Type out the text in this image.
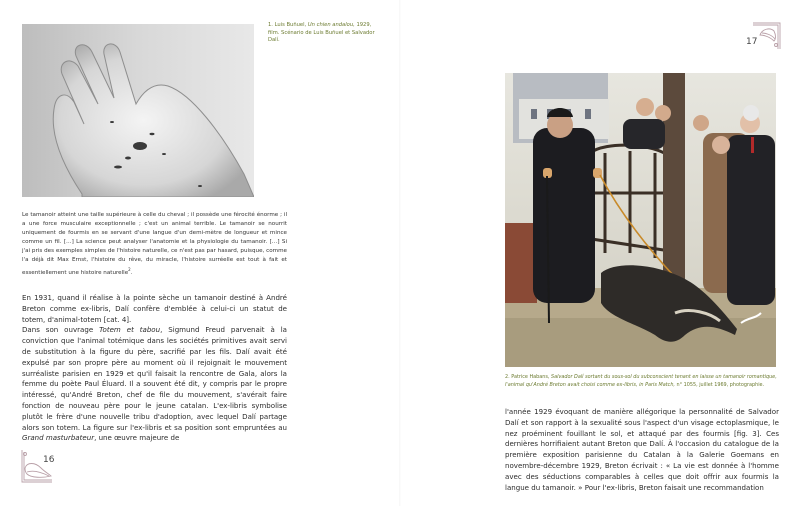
1. Luis Buñuel, Un chien andalou, 1929, film. Scénario de Luis Buñuel et Salvador Dalí.
Le tamanoir atteint une taille supérieure à celle du cheval ; il possède une férocité énorme ; il a une force musculaire exceptionnelle ; c'est un animal terrible. Le tamanoir se nourrit uniquement de fourmis en se servant d'une langue d'un demi-mètre de longueur et mince comme un fil. […] La science peut analyser l'anatomie et la physiologie du tamanoir. […] Si j'ai pris des exemples simples de l'histoire naturelle, ce n'est pas par hasard, puisque, comme l'a déjà dit Max Ernst, l'histoire du rêve, du miracle, l'histoire surréelle est tout à fait et essentiellement une histoire naturelle$^2$.

En 1931, quand il réalise à la pointe sèche un tamanoir destiné à André Breton comme ex-libris, Dalí confère d'emblée à celui-ci un statut de totem, d'animal-totem [cat. 4].

Dans son ouvrage Totem et tabou, Sigmund Freud parvenait à la conviction que l'animal totémique dans les sociétés primitives avait servi de substitution à la figure du père, sacrifié par les fils. Dalí avait été expulsé par son propre père au moment où il rejoignait le mouvement surréaliste parisien en 1929 et qu'il faisait la rencontre de Gala, alors la femme du poète Paul Éluard. Il a souvent été dit, y compris par le propre intéressé, qu'André Breton, chef de file du mouvement, s'avérait faire fonction de nouveau père pour le jeune catalan. L'ex-libris symbolise plutôt le frère d'une nouvelle tribu d'adoption, avec lequel Dalí partage alors son totem. La figure sur l'ex-libris et sa position sont empruntées au Grand masturbateur, une œuvre majeure de

16
17
2. Patrice Habans, Salvador Dalí sortant du sous-sol du subconscient tenant en laisse un tamanoir romantique, l'animal qu'André Breton avait choisi comme ex-libris, in Paris Match, n° 1055, juillet 1969, photographie.
l'année 1929 évoquant de manière allégorique la personnalité de Salvador Dalí et son rapport à la sexualité sous l'aspect d'un visage ectoplasmique, le nez proéminent fouillant le sol, et attaqué par des fourmis [fig. 3]. Ces dernières horrifiaient autant Breton que Dalí. À l'occasion du catalogue de la première exposition parisienne du Catalan à la Galerie Goemans en novembre-décembre 1929, Breton écrivait : « La vie est donnée à l'homme avec des séductions comparables à celles que doit offrir aux fourmis la langue du tamanoir. » Pour l'ex-libris, Breton faisait une recommandation
